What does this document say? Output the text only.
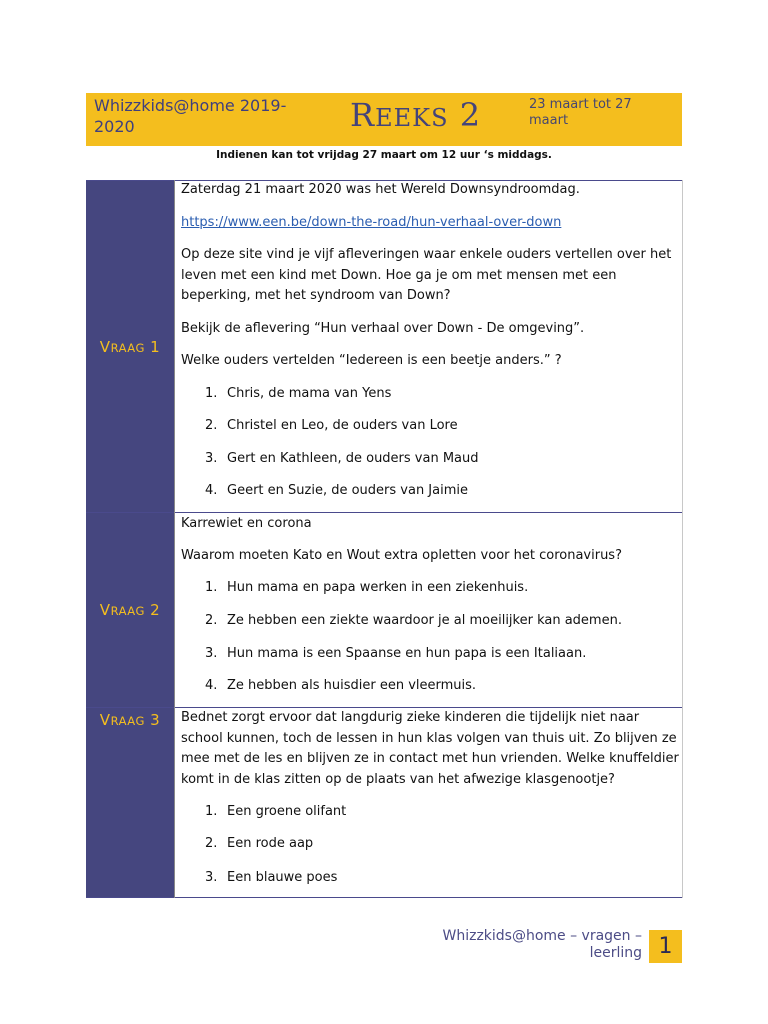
Whizzkids@home 2019-2020	REEKS 2	23 maart tot 27 maart
Indienen kan tot vrijdag 27 maart om 12 uur ‘s middags.
VRAAG 1

Zaterdag 21 maart 2020 was het Wereld Downsyndroomdag.

https://www.een.be/down-the-road/hun-verhaal-over-down

Op deze site vind je vijf afleveringen waar enkele ouders vertellen over het leven met een kind met Down. Hoe ga je om met mensen met een beperking, met het syndroom van Down?

Bekijk de aflevering “Hun verhaal over Down - De omgeving”.

Welke ouders vertelden “Iedereen is een beetje anders.” ?

1. Chris, de mama van Yens
2. Christel en Leo, de ouders van Lore
3. Gert en Kathleen, de ouders van Maud
4. Geert en Suzie, de ouders van Jaimie
VRAAG 2

Karrewiet en corona

Waarom moeten Kato en Wout extra opletten voor het coronavirus?

1. Hun mama en papa werken in een ziekenhuis.
2. Ze hebben een ziekte waardoor je al moeilijker kan ademen.
3. Hun mama is een Spaanse en hun papa is een Italiaan.
4. Ze hebben als huisdier een vleermuis.
VRAAG 3 Bednet zorgt ervoor dat langdurig zieke kinderen die tijdelijk niet naar school kunnen, toch de lessen in hun klas volgen van thuis uit. Zo blijven ze mee met de les en blijven ze in contact met hun vrienden. Welke knuffeldier komt in de klas zitten op de plaats van het afwezige klasgenootje?

1. Een groene olifant
2. Een rode aap
3. Een blauwe poes
Whizzkids@home – vragen – leerling 1
